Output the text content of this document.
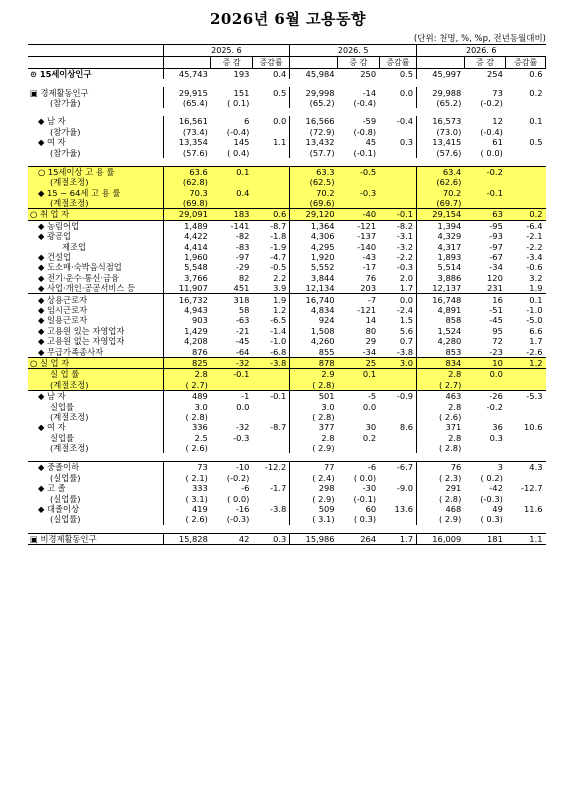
2026년 6월 고용동향
(단위: 천명, %, %p, 전년동월대비)
	2025. 6			2026. 5			2026. 6		
		증 감	증감률		증 감	증감률		증 감	증감률
⊙ 15세이상인구	45,743	193	0.4	45,984	250	0.5	45,997	254	0.6

▣ 경제활동인구	29,915	151	0.5	29,998	-14	0.0	29,988	73	0.2
(참가율)	(65.4)	( 0.1)		(65.2)	(-0.4)		(65.2)	(-0.2)	

◆ 남 자	16,561	6	0.0	16,566	-59	-0.4	16,573	12	0.1
(참가율)	(73.4)	(-0.4)		(72.9)	(-0.8)		(73.0)	(-0.4)	
◆ 여 자	13,354	145	1.1	13,432	45	0.3	13,415	61	0.5
(참가율)	(57.6)	( 0.4)		(57.7)	(-0.1)		(57.6)	( 0.0)	

○ 15세이상 고 용 률	63.6	0.1		63.3	-0.5		63.4	-0.2	
(계절조정)	(62.8)			(62.5)			(62.6)		
◆ 15 ~ 64세 고 용 률	70.3	0.4		70.2	-0.3		70.2	-0.1	
(계절조정)	(69.8)			(69.6)			(69.7)		
○ 취 업 자	29,091	183	0.6	29,120	-40	-0.1	29,154	63	0.2
◆ 농림어업	1,489	-141	-8.7	1,364	-121	-8.2	1,394	-95	-6.4
◆ 광공업	4,422	-82	-1.8	4,306	-137	-3.1	4,329	-93	-2.1
제조업	4,414	-83	-1.9	4,295	-140	-3.2	4,317	-97	-2.2
◆ 건설업	1,960	-97	-4.7	1,920	-43	-2.2	1,893	-67	-3.4
◆ 도소매·숙박음식점업	5,548	-29	-0.5	5,552	-17	-0.3	5,514	-34	-0.6
◆ 전기·운수·통신·금융	3,766	82	2.2	3,844	76	2.0	3,886	120	3.2
◆ 사업·개인·공공서비스 등	11,907	451	3.9	12,134	203	1.7	12,137	231	1.9
◆ 상용근로자	16,732	318	1.9	16,740	-7	0.0	16,748	16	0.1
◆ 임시근로자	4,943	58	1.2	4,834	-121	-2.4	4,891	-51	-1.0
◆ 일용근로자	903	-63	-6.5	924	14	1.5	858	-45	-5.0
◆ 고용원 있는 자영업자	1,429	-21	-1.4	1,508	80	5.6	1,524	95	6.6
◆ 고용원 없는 자영업자	4,208	-45	-1.0	4,260	29	0.7	4,280	72	1.7
◆ 무급가족종사자	876	-64	-6.8	855	-34	-3.8	853	-23	-2.6
○ 실 업 자	825	-32	-3.8	878	25	3.0	834	10	1.2
실 업 률	2.8	-0.1		2.9	0.1		2.8	0.0	
(계절조정)	( 2.7)			( 2.8)			( 2.7)		
◆ 남 자	489	-1	-0.1	501	-5	-0.9	463	-26	-5.3
실업률	3.0	0.0		3.0	0.0		2.8	-0.2	
(계절조정)	( 2.8)			( 2.8)			( 2.6)		
◆ 여 자	336	-32	-8.7	377	30	8.6	371	36	10.6
실업률	2.5	-0.3		2.8	0.2		2.8	0.3	
(계절조정)	( 2.6)			( 2.9)			( 2.8)		

◆ 중졸이하	73	-10	-12.2	77	-6	-6.7	76	3	4.3
(실업률)	( 2.1)	(-0.2)		( 2.4)	( 0.0)		( 2.3)	( 0.2)	
◆ 고 졸	333	-6	-1.7	298	-30	-9.0	291	-42	-12.7
(실업률)	( 3.1)	( 0.0)		( 2.9)	(-0.1)		( 2.8)	(-0.3)	
◆ 대졸이상	419	-16	-3.8	509	60	13.6	468	49	11.6
(실업률)	( 2.6)	(-0.3)		( 3.1)	( 0.3)		( 2.9)	( 0.3)	

▣ 비경제활동인구	15,828	42	0.3	15,986	264	1.7	16,009	181	1.1
